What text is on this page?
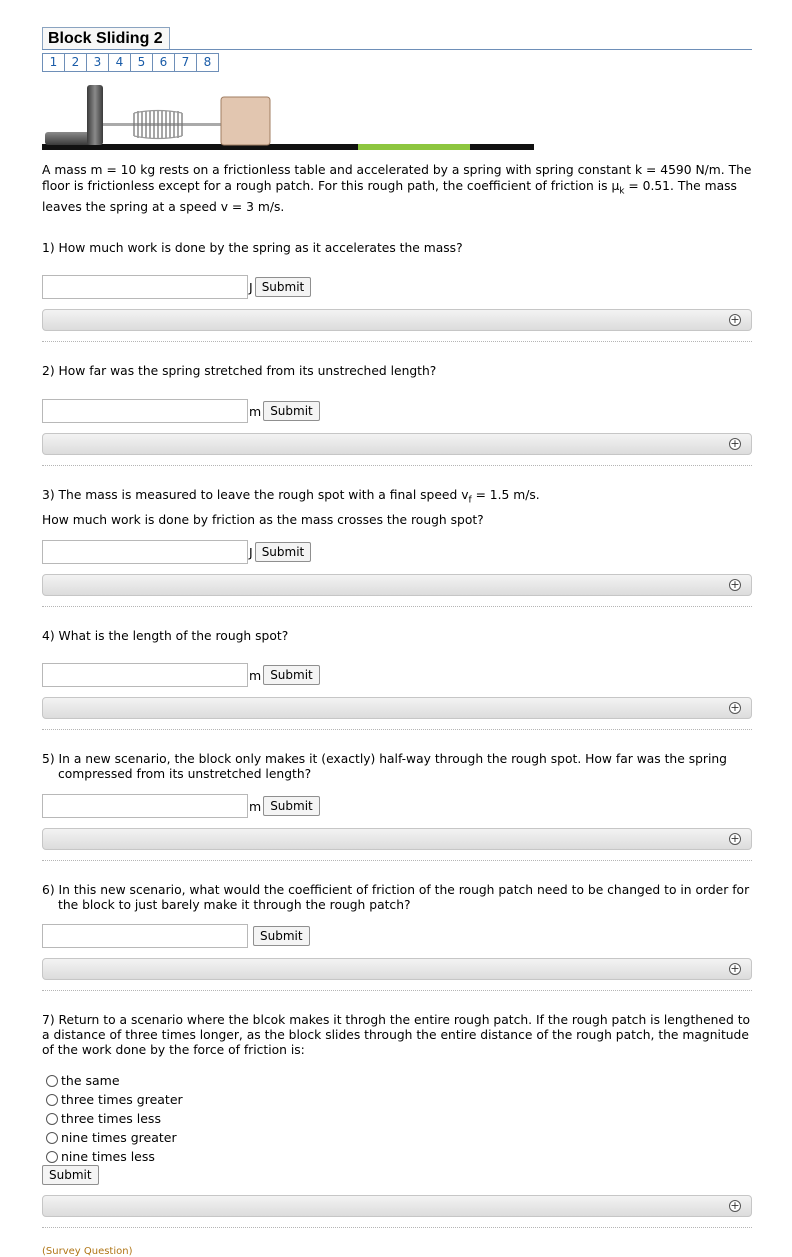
Block Sliding 2
1	2	3	4	5	6	7	8
A mass m = 10 kg rests on a frictionless table and accelerated by a spring with spring constant k = 4590 N/m. The floor is frictionless except for a rough patch. For this rough path, the coefficient of friction is $\mu_k = 0.51$. The mass leaves the spring at a speed v = 3 m/s.
1) How much work is done by the spring as it accelerates the mass?
J Submit
+
2) How far was the spring stretched from its unstreched length?
m Submit
+
3) The mass is measured to leave the rough spot with a final speed $v_f = 1.5$ m/s.
How much work is done by friction as the mass crosses the rough spot?
J Submit
+
4) What is the length of the rough spot?
m Submit
+
5) In a new scenario, the block only makes it (exactly) half-way through the rough spot. How far was the spring compressed from its unstretched length?
m Submit
+
6) In this new scenario, what would the coefficient of friction of the rough patch need to be changed to in order for the block to just barely make it through the rough patch?
Submit
+
7) Return to a scenario where the blcok makes it throgh the entire rough patch. If the rough patch is lengthened to a distance of three times longer, as the block slides through the entire distance of the rough patch, the magnitude of the work done by the force of friction is:
the same
three times greater
three times less
nine times greater
nine times less
Submit
+
(Survey Question)
